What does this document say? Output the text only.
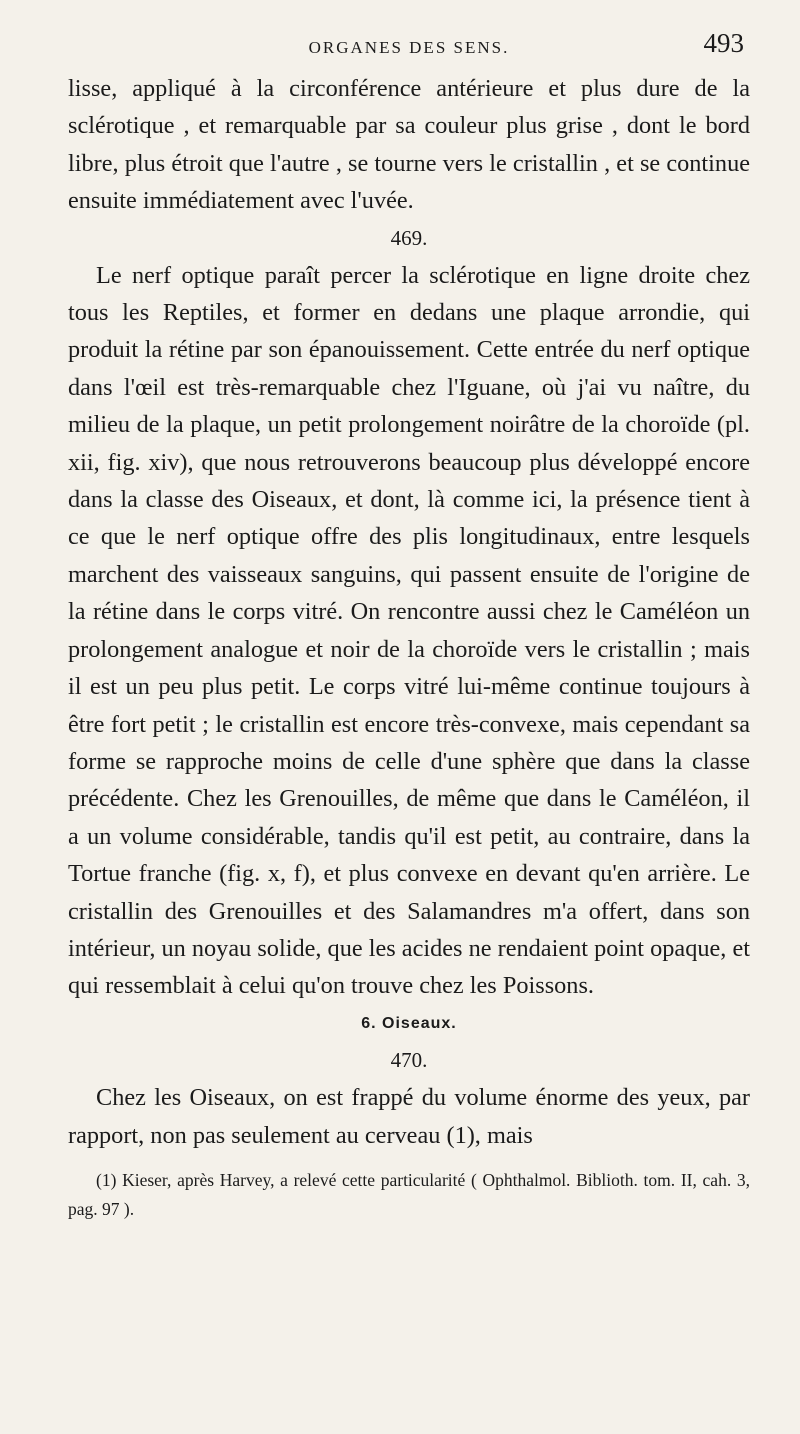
ORGANES DES SENS.	493

lisse, appliqué à la circonférence antérieure et plus dure de la sclérotique , et remarquable par sa couleur plus grise , dont le bord libre, plus étroit que l'autre , se tourne vers le cristallin , et se continue ensuite immédiatement avec l'uvée.

469.

Le nerf optique paraît percer la sclérotique en ligne droite chez tous les Reptiles, et former en dedans une plaque arrondie, qui produit la rétine par son épanouissement. Cette entrée du nerf optique dans l'œil est très-remarquable chez l'Iguane, où j'ai vu naître, du milieu de la plaque, un petit prolongement noirâtre de la choroïde (pl. xii, fig. xiv), que nous retrouverons beaucoup plus développé encore dans la classe des Oiseaux, et dont, là comme ici, la présence tient à ce que le nerf optique offre des plis longitudinaux, entre lesquels marchent des vaisseaux sanguins, qui passent ensuite de l'origine de la rétine dans le corps vitré. On rencontre aussi chez le Caméléon un prolongement analogue et noir de la choroïde vers le cristallin ; mais il est un peu plus petit. Le corps vitré lui-même continue toujours à être fort petit ; le cristallin est encore très-convexe, mais cependant sa forme se rapproche moins de celle d'une sphère que dans la classe précédente. Chez les Grenouilles, de même que dans le Caméléon, il a un volume considérable, tandis qu'il est petit, au contraire, dans la Tortue franche (fig. x, f), et plus convexe en devant qu'en arrière. Le cristallin des Grenouilles et des Salamandres m'a offert, dans son intérieur, un noyau solide, que les acides ne rendaient point opaque, et qui ressemblait à celui qu'on trouve chez les Poissons.

6. Oiseaux.

470.

Chez les Oiseaux, on est frappé du volume énorme des yeux, par rapport, non pas seulement au cerveau (1), mais

(1) Kieser, après Harvey, a relevé cette particularité ( Ophthalmol. Biblioth. tom. II, cah. 3, pag. 97 ).
